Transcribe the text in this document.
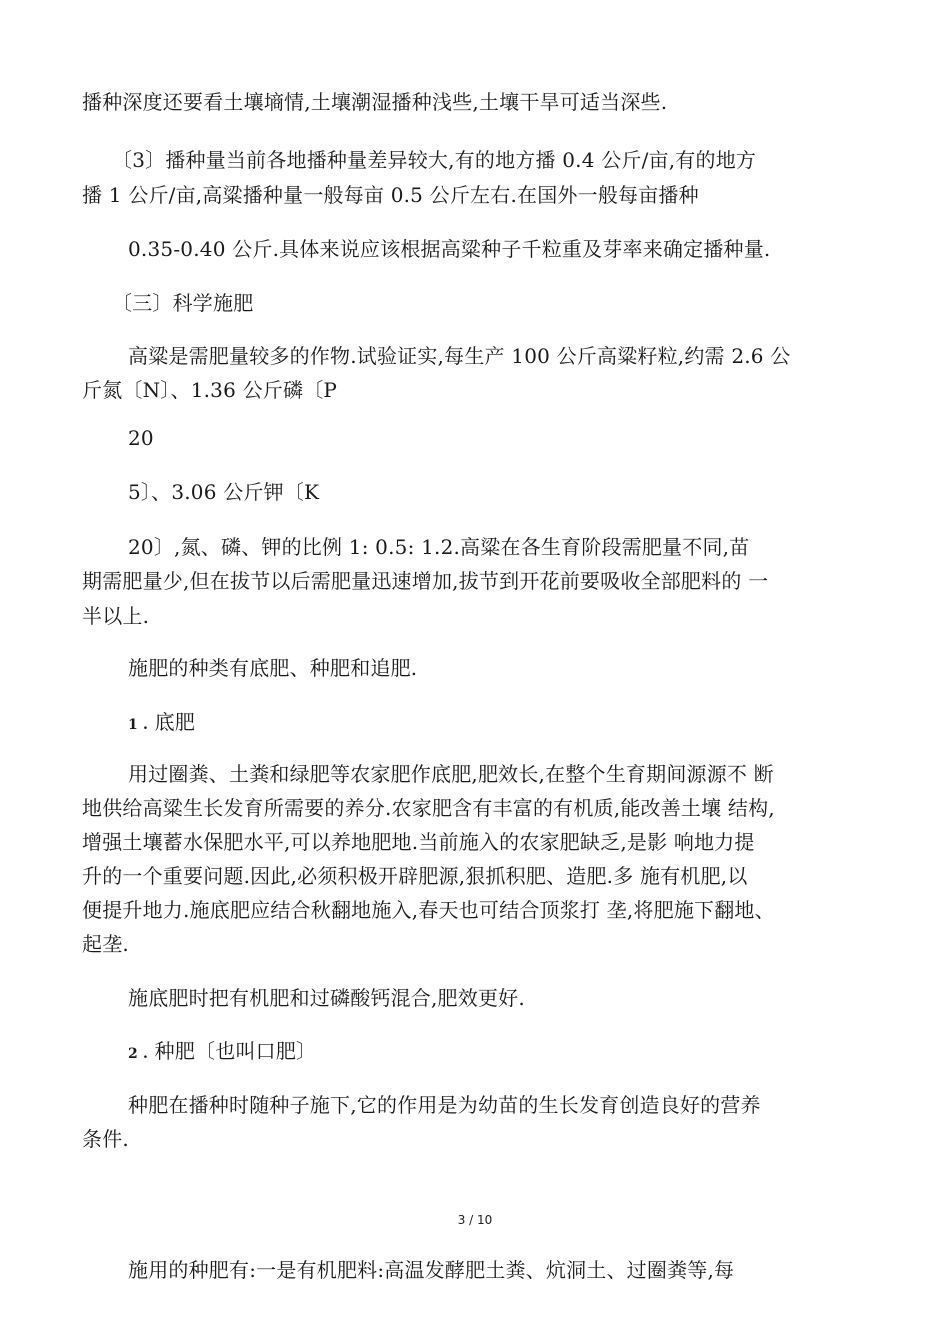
播种深度还要看土壤墒情,土壤潮湿播种浅些,土壤干旱可适当深些.
〔3〕播种量当前各地播种量差异较大,有的地方播 0.4 公斤/亩,有的地方
播 1 公斤/亩,高粱播种量一般每亩 0.5 公斤左右.在国外一般每亩播种
0.35-0.40 公斤.具体来说应该根据高粱种子千粒重及芽率来确定播种量.
〔三〕科学施肥
高粱是需肥量较多的作物.试验证实,每生产 100 公斤高粱籽粒,约需 2.6 公
斤氮〔N〕、1.36 公斤磷〔P
20
5〕、3.06 公斤钾〔K
20〕,氮、磷、钾的比例 1: 0.5: 1.2.高粱在各生育阶段需肥量不同,苗
期需肥量少,但在拔节以后需肥量迅速增加,拔节到开花前要吸收全部肥料的 一
半以上.
施肥的种类有底肥、种肥和追肥.
1 . 底肥
用过圈粪、土粪和绿肥等农家肥作底肥,肥效长,在整个生育期间源源不 断
地供给高粱生长发育所需要的养分.农家肥含有丰富的有机质,能改善土壤 结构,
增强土壤蓄水保肥水平,可以养地肥地.当前施入的农家肥缺乏,是影 响地力提
升的一个重要问题.因此,必须积极开辟肥源,狠抓积肥、造肥.多 施有机肥,以
便提升地力.施底肥应结合秋翻地施入,春天也可结合顶浆打 垄,将肥施下翻地、
起垄.
施底肥时把有机肥和过磷酸钙混合,肥效更好.
2 . 种肥〔也叫口肥〕
种肥在播种时随种子施下,它的作用是为幼苗的生长发育创造良好的营养
条件.
3 / 10
施用的种肥有:一是有机肥料:高温发酵肥土粪、炕洞土、过圈粪等,每
